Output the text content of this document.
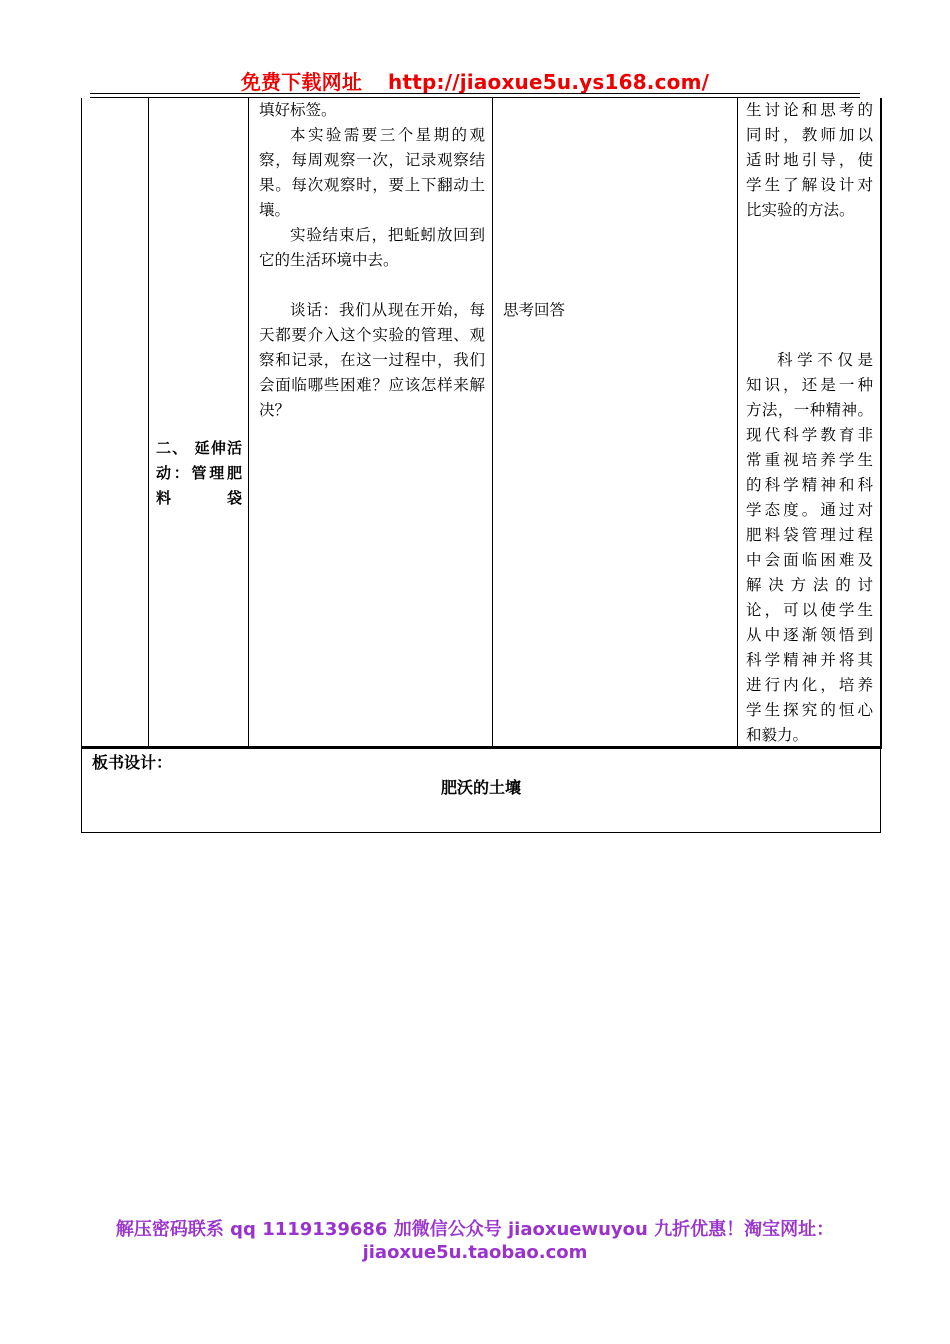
免费下载网址 http://jiaoxue5u.ys168.com/
二、 延伸活动：管理肥料袋

填好标签。

本实验需要三个星期的观察，每周观察一次，记录观察结果。每次观察时，要上下翻动土壤。

实验结束后，把蚯蚓放回到它的生活环境中去。

谈话：我们从现在开始，每天都要介入这个实验的管理、观察和记录，在这一过程中，我们会面临哪些困难？应该怎样来解决？

思考回答
生讨论和思考的
同时，教师加以
适时地引导，使
学生了解设计对
比实验的方法。
科学不仅是
知识，还是一种
方法，一种精神。
现代科学教育非
常重视培养学生
的科学精神和科
学态度。通过对
肥料袋管理过程
中会面临困难及
解决方法的讨
论，可以使学生
从中逐渐领悟到
科学精神并将其
进行内化，培养
学生探究的恒心
和毅力。
板书设计：
肥沃的土壤
解压密码联系 qq 1119139686 加微信公众号 jiaoxuewuyou 九折优惠！淘宝网址：
jiaoxue5u.taobao.com
